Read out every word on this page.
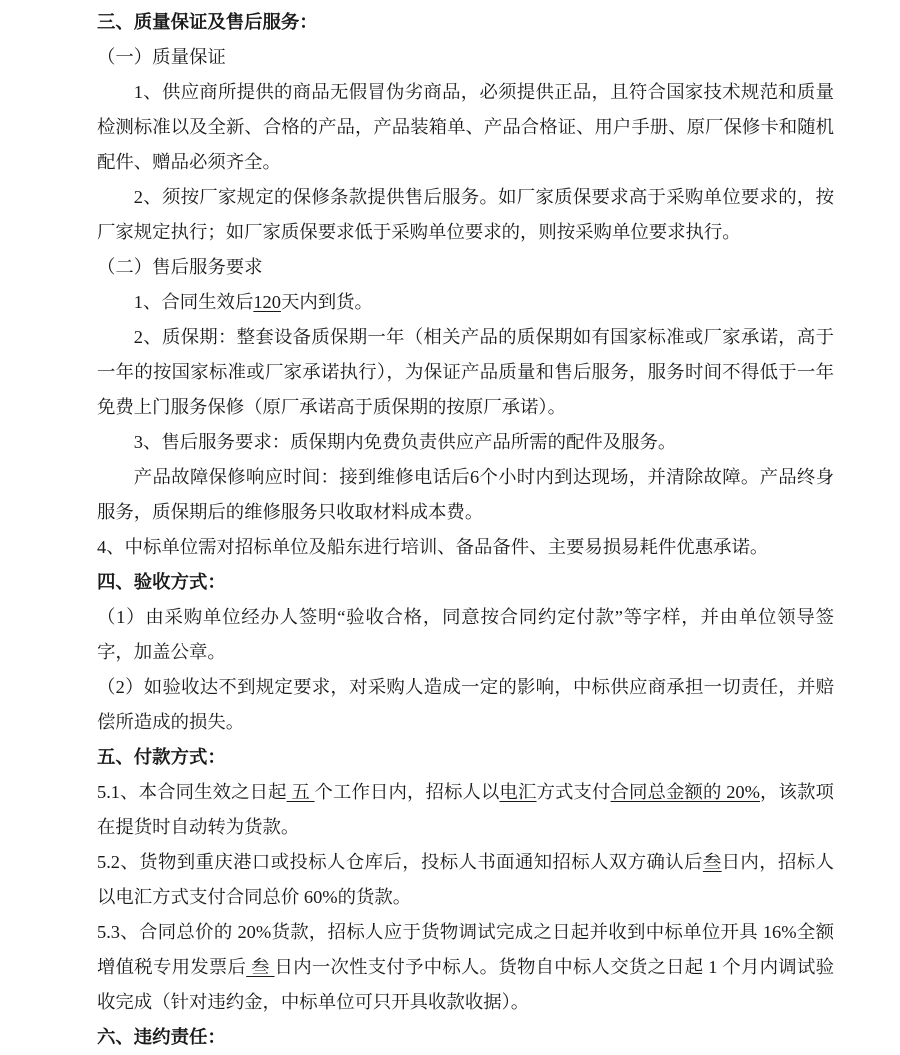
三、质量保证及售后服务：

（一）质量保证

1、供应商所提供的商品无假冒伪劣商品，必须提供正品，且符合国家技术规范和质量检测标准以及全新、合格的产品，产品装箱单、产品合格证、用户手册、原厂保修卡和随机配件、赠品必须齐全。

2、须按厂家规定的保修条款提供售后服务。如厂家质保要求高于采购单位要求的，按厂家规定执行；如厂家质保要求低于采购单位要求的，则按采购单位要求执行。

（二）售后服务要求

1、合同生效后120天内到货。

2、质保期：整套设备质保期一年（相关产品的质保期如有国家标准或厂家承诺，高于一年的按国家标准或厂家承诺执行），为保证产品质量和售后服务，服务时间不得低于一年免费上门服务保修（原厂承诺高于质保期的按原厂承诺）。

3、售后服务要求：质保期内免费负责供应产品所需的配件及服务。

产品故障保修响应时间：接到维修电话后6个小时内到达现场，并清除故障。产品终身服务，质保期后的维修服务只收取材料成本费。

4、中标单位需对招标单位及船东进行培训、备品备件、主要易损易耗件优惠承诺。

四、验收方式：

（1）由采购单位经办人签明“验收合格，同意按合同约定付款”等字样，并由单位领导签字，加盖公章。

（2）如验收达不到规定要求，对采购人造成一定的影响，中标供应商承担一切责任，并赔偿所造成的损失。

五、付款方式：

5.1、本合同生效之日起 五 个工作日内，招标人以电汇方式支付合同总金额的 20%，该款项在提货时自动转为货款。

5.2、货物到重庆港口或投标人仓库后，投标人书面通知招标人双方确认后叁日内，招标人以电汇方式支付合同总价 60%的货款。

5.3、合同总价的 20%货款，招标人应于货物调试完成之日起并收到中标单位开具 16%全额增值税专用发票后 叁 日内一次性支付予中标人。货物自中标人交货之日起 1 个月内调试验收完成（针对违约金，中标单位可只开具收款收据）。

六、违约责任：
